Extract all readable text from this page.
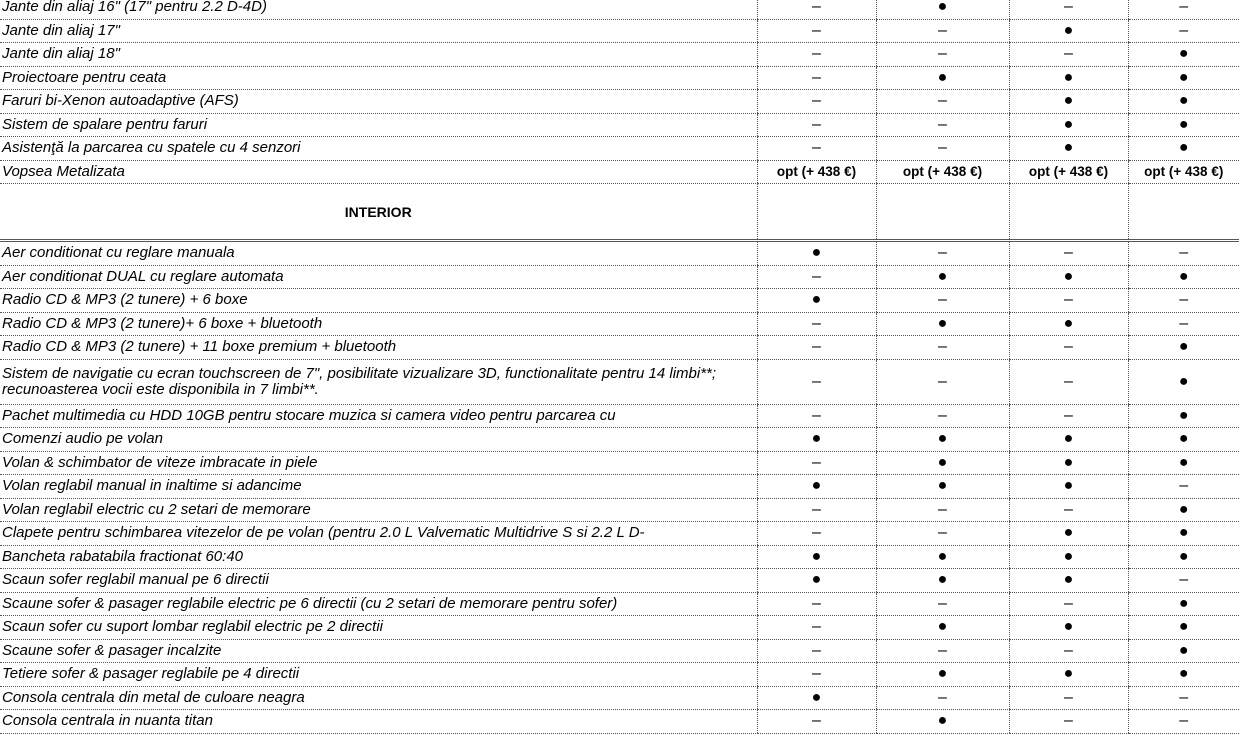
Jante din aliaj 16" (17" pentru 2.2 D-4D)	–	●	–	–
Jante din aliaj 17"	–	–	●	–
Jante din aliaj 18"	–	–	–	●
Proiectoare pentru ceata	–	●	●	●
Faruri bi-Xenon autoadaptive (AFS)	–	–	●	●
Sistem de spalare pentru faruri	–	–	●	●
Asistenţă la parcarea cu spatele cu 4 senzori	–	–	●	●
Vopsea Metalizata	opt (+ 438 €)	opt (+ 438 €)	opt (+ 438 €)	opt (+ 438 €)
INTERIOR				
Aer conditionat cu reglare manuala	●	–	–	–
Aer conditionat DUAL cu reglare automata	–	●	●	●
Radio CD & MP3 (2 tunere) + 6 boxe	●	–	–	–
Radio CD & MP3 (2 tunere)+ 6 boxe + bluetooth	–	●	●	–
Radio CD & MP3 (2 tunere) + 11 boxe premium + bluetooth	–	–	–	●
Sistem de navigatie cu ecran touchscreen de 7", posibilitate vizualizare 3D, functionalitate pentru 14 limbi**; recunoasterea vocii este disponibila in 7 limbi**.	–	–	–	●
Pachet multimedia cu HDD 10GB pentru stocare muzica si camera video pentru parcarea cu	–	–	–	●
Comenzi audio pe volan	●	●	●	●
Volan & schimbator de viteze imbracate in piele	–	●	●	●
Volan reglabil manual in inaltime si adancime	●	●	●	–
Volan reglabil electric cu 2 setari de memorare	–	–	–	●
Clapete pentru schimbarea vitezelor de pe volan (pentru 2.0 L Valvematic Multidrive S si 2.2 L D-	–	–	●	●
Bancheta rabatabila fractionat 60:40	●	●	●	●
Scaun sofer reglabil manual pe 6 directii	●	●	●	–
Scaune sofer & pasager reglabile electric pe 6 directii (cu 2 setari de memorare pentru sofer)	–	–	–	●
Scaun sofer cu suport lombar reglabil electric pe 2 directii	–	●	●	●
Scaune sofer & pasager incalzite	–	–	–	●
Tetiere sofer & pasager reglabile pe 4 directii	–	●	●	●
Consola centrala din metal de culoare neagra	●	–	–	–
Consola centrala in nuanta titan	–	●	–	–
